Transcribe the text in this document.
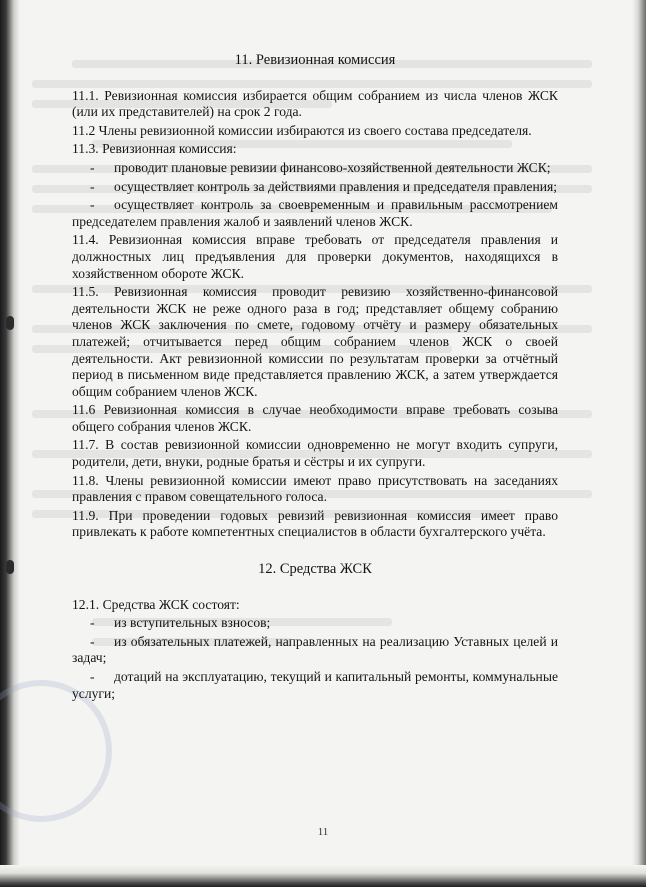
11. Ревизионная комиссия

11.1. Ревизионная комиссия избирается общим собранием из числа членов ЖСК (или их представителей) на срок 2 года.

11.2 Члены ревизионной комиссии избираются из своего состава председателя.

11.3. Ревизионная комиссия:

- проводит плановые ревизии финансово-хозяйственной деятельности ЖСК;

- осуществляет контроль за действиями правления и председателя правления;

- осуществляет контроль за своевременным и правильным рассмотрением председателем правления жалоб и заявлений членов ЖСК.

11.4. Ревизионная комиссия вправе требовать от председателя правления и должностных лиц предъявления для проверки документов, находящихся в хозяйственном обороте ЖСК.

11.5. Ревизионная комиссия проводит ревизию хозяйственно-финансовой деятельности ЖСК не реже одного раза в год; представляет общему собранию членов ЖСК заключения по смете, годовому отчёту и размеру обязательных платежей; отчитывается перед общим собранием членов ЖСК о своей деятельности. Акт ревизионной комиссии по результатам проверки за отчётный период в письменном виде представляется правлению ЖСК, а затем утверждается общим собранием членов ЖСК.

11.6 Ревизионная комиссия в случае необходимости вправе требовать созыва общего собрания членов ЖСК.

11.7. В состав ревизионной комиссии одновременно не могут входить супруги, родители, дети, внуки, родные братья и сёстры и их супруги.

11.8. Члены ревизионной комиссии имеют право присутствовать на заседаниях правления с правом совещательного голоса.

11.9. При проведении годовых ревизий ревизионная комиссия имеет право привлекать к работе компетентных специалистов в области бухгалтерского учёта.

12. Средства ЖСК

12.1. Средства ЖСК состоят:

- из вступительных взносов;

- из обязательных платежей, направленных на реализацию Уставных целей и задач;

- дотаций на эксплуатацию, текущий и капитальный ремонты, коммунальные услуги;

11
